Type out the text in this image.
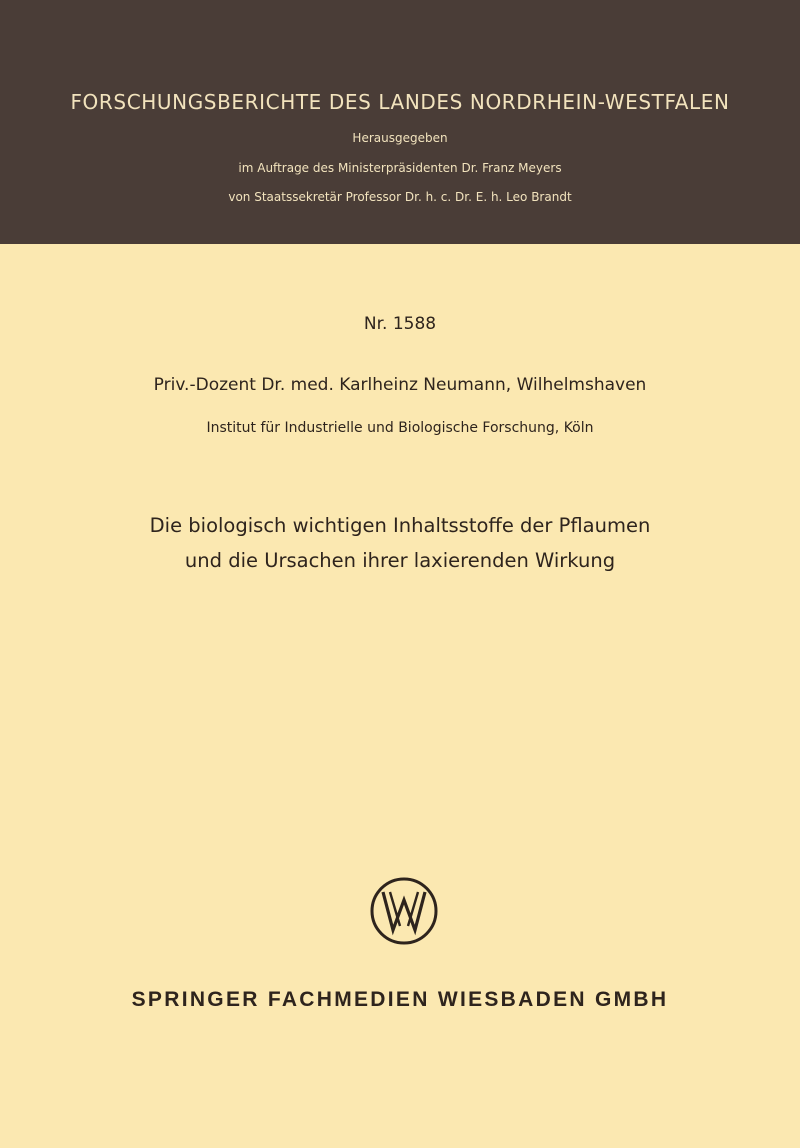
FORSCHUNGSBERICHTE DES LANDES NORDRHEIN-WESTFALEN
Herausgegeben
im Auftrage des Ministerpräsidenten Dr. Franz Meyers
von Staatssekretär Professor Dr. h. c. Dr. E. h. Leo Brandt
Nr. 1588
Priv.-Dozent Dr. med. Karlheinz Neumann, Wilhelmshaven
Institut für Industrielle und Biologische Forschung, Köln
Die biologisch wichtigen Inhaltsstoffe der Pflaumen
und die Ursachen ihrer laxierenden Wirkung
SPRINGER FACHMEDIEN WIESBADEN GMBH
